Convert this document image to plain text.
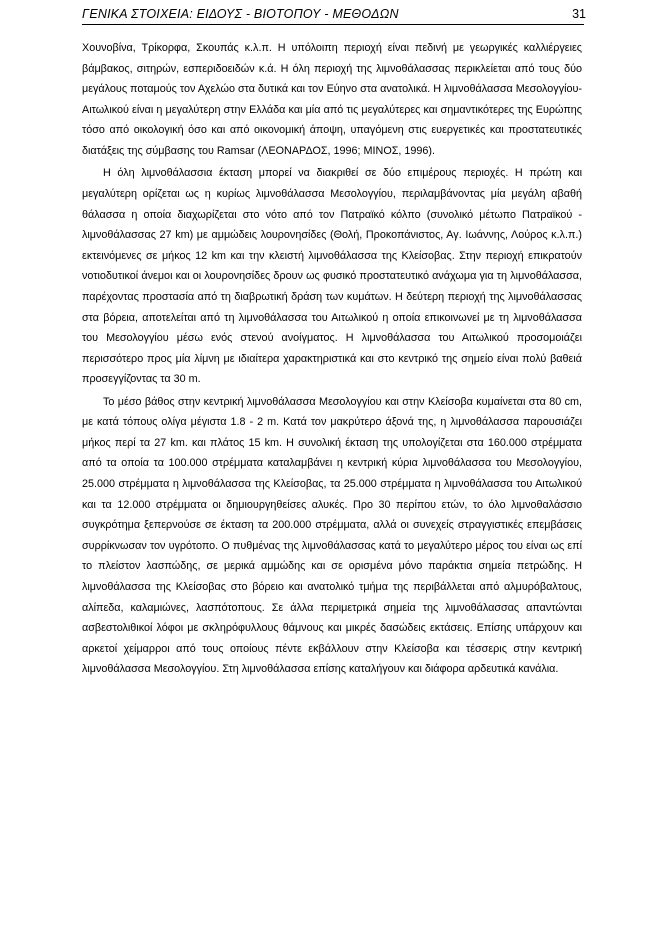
ΓΕΝΙΚΑ ΣΤΟΙΧΕΙΑ: ΕΙΔΟΥΣ - ΒΙΟΤΟΠΟΥ - ΜΕΘΟΔΩΝ	31

Χουνοβίνα, Τρίκορφα, Σκουπάς κ.λ.π. Η υπόλοιπη περιοχή είναι πεδινή με γεωργικές καλλιέργειες βάμβακος, σιτηρών, εσπεριδοειδών κ.ά. Η όλη περιοχή της λιμνοθάλασσας περικλείεται από τους δύο μεγάλους ποταμούς τον Αχελώο στα δυτικά και τον Εύηνο στα ανατολικά. Η λιμνοθάλασσα Μεσολογγίου-Αιτωλικού είναι η μεγαλύτερη στην Ελλάδα και μία από τις μεγαλύτερες και σημαντικότερες της Ευρώπης τόσο από οικολογική όσο και από οικονομική άποψη, υπαγόμενη στις ευεργετικές και προστατευτικές διατάξεις της σύμβασης του Ramsar (ΛΕΟΝΑΡΔΟΣ, 1996; ΜΙΝΟΣ, 1996).

Η όλη λιμνοθάλασσια έκταση μπορεί να διακριθεί σε δύο επιμέρους περιοχές. Η πρώτη και μεγαλύτερη ορίζεται ως η κυρίως λιμνοθάλασσα Μεσολογγίου, περιλαμβάνοντας μία μεγάλη αβαθή θάλασσα η οποία διαχωρίζεται στο νότο από τον Πατραϊκό κόλπο (συνολικό μέτωπο Πατραϊκού - λιμνοθάλασσας 27 km) με αμμώδεις λουρονησίδες (Θολή, Προκοπάνιστος, Αγ. Ιωάννης, Λούρος κ.λ.π.) εκτεινόμενες σε μήκος 12 km και την κλειστή λιμνοθάλασσα της Κλείσοβας. Στην περιοχή επικρατούν νοτιοδυτικοί άνεμοι και οι λουρονησίδες δρουν ως φυσικό προστατευτικό ανάχωμα για τη λιμνοθάλασσα, παρέχοντας προστασία από τη διαβρωτική δράση των κυμάτων. Η δεύτερη περιοχή της λιμνοθάλασσας στα βόρεια, αποτελείται από τη λιμνοθάλασσα του Αιτωλικού η οποία επικοινωνεί με τη λιμνοθάλασσα του Μεσολογγίου μέσω ενός στενού ανοίγματος. Η λιμνοθάλασσα του Αιτωλικού προσομοιάζει περισσότερο προς μία λίμνη με ιδιαίτερα χαρακτηριστικά και στο κεντρικό της σημείο είναι πολύ βαθειά προσεγγίζοντας τα 30 m.

Το μέσο βάθος στην κεντρική λιμνοθάλασσα Μεσολογγίου και στην Κλείσοβα κυμαίνεται στα 80 cm, με κατά τόπους ολίγα μέγιστα 1.8 - 2 m. Κατά τον μακρύτερο άξονά της, η λιμνοθάλασσα παρουσιάζει μήκος περί τα 27 km. και πλάτος 15 km. Η συνολική έκταση της υπολογίζεται στα 160.000 στρέμματα από τα οποία τα 100.000 στρέμματα καταλαμβάνει η κεντρική κύρια λιμνοθάλασσα του Μεσολογγίου, 25.000 στρέμματα η λιμνοθάλασσα της Κλείσοβας, τα 25.000 στρέμματα η λιμνοθάλασσα του Αιτωλικού και τα 12.000 στρέμματα οι δημιουργηθείσες αλυκές. Προ 30 περίπου ετών, το όλο λιμνοθαλάσσιο συγκρότημα ξεπερνούσε σε έκταση τα 200.000 στρέμματα, αλλά οι συνεχείς στραγγιστικές επεμβάσεις συρρίκνωσαν τον υγρότοπο. Ο πυθμένας της λιμνοθάλασσας κατά το μεγαλύτερο μέρος του είναι ως επί το πλείστον λασπώδης, σε μερικά αμμώδης και σε ορισμένα μόνο παράκτια σημεία πετρώδης. Η λιμνοθάλασσα της Κλείσοβας στο βόρειο και ανατολικό τμήμα της περιβάλλεται από αλμυρόβαλτους, αλίπεδα, καλαμιώνες, λασπότοπους. Σε άλλα περιμετρικά σημεία της λιμνοθάλασσας απαντώνται ασβεστολιθικοί λόφοι με σκληρόφυλλους θάμνους και μικρές δασώδεις εκτάσεις. Επίσης υπάρχουν και αρκετοί χείμαρροι από τους οποίους πέντε εκβάλλουν στην Κλείσοβα και τέσσερις στην κεντρική λιμνοθάλασσα Μεσολογγίου. Στη λιμνοθάλασσα επίσης καταλήγουν και διάφορα αρδευτικά κανάλια.
